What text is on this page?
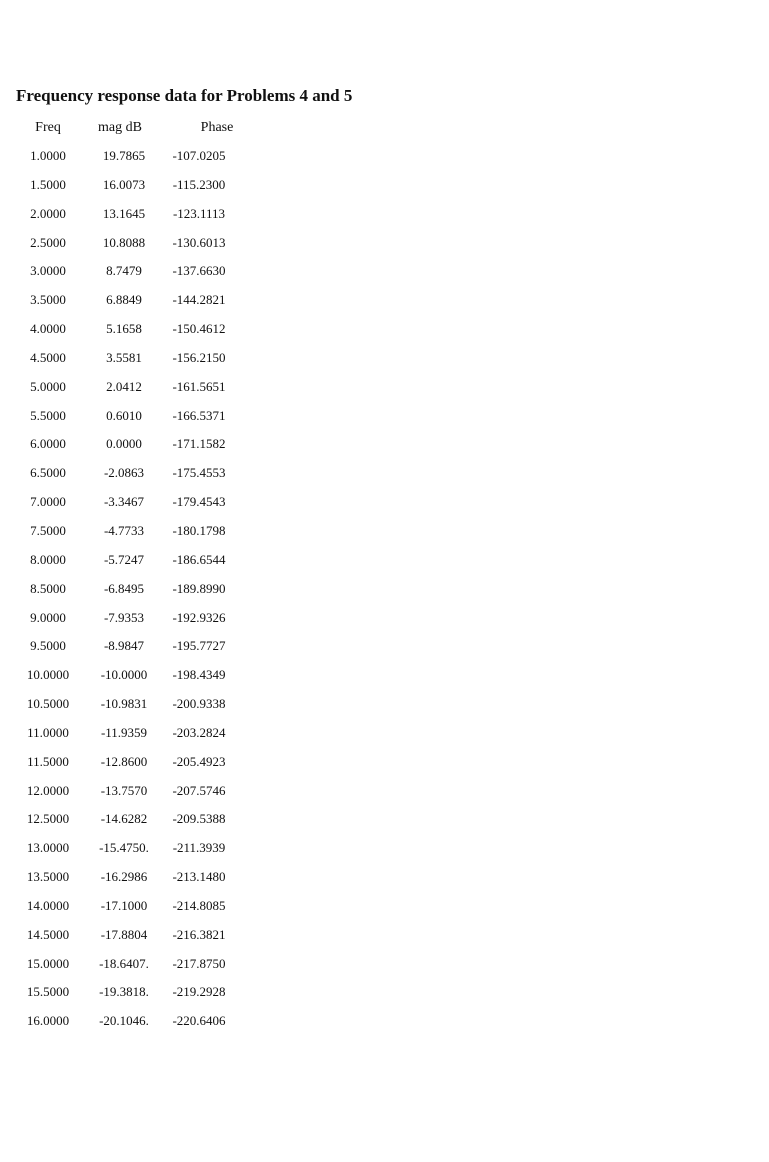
Frequency response data for Problems 4 and 5
Freq	mag dB	Phase
1.0000	19.7865 -107.0205
1.5000	16.0073 -115.2300
2.0000	13.1645 -123.1113
2.5000	10.8088 -130.6013
3.0000	8.7479 -137.6630
3.5000	6.8849 -144.2821
4.0000	5.1658 -150.4612
4.5000	3.5581 -156.2150
5.0000	2.0412 -161.5651
5.5000	0.6010 -166.5371
6.0000	0.0000 -171.1582
6.5000	-2.0863 -175.4553
7.0000	-3.3467 -179.4543
7.5000	-4.7733 -180.1798
8.0000	-5.7247 -186.6544
8.5000	-6.8495 -189.8990
9.0000	-7.9353 -192.9326
9.5000	-8.9847 -195.7727
10.0000 -10.0000 -198.4349
10.5000 -10.9831 -200.9338
11.0000 -11.9359 -203.2824
11.5000 -12.8600 -205.4923
12.0000 -13.7570 -207.5746
12.5000 -14.6282 -209.5388
13.0000 -15.4750. -211.3939
13.5000 -16.2986 -213.1480
14.0000 -17.1000 -214.8085
14.5000 -17.8804 -216.3821
15.0000 -18.6407. -217.8750
15.5000 -19.3818. -219.2928
16.0000 -20.1046. -220.6406
